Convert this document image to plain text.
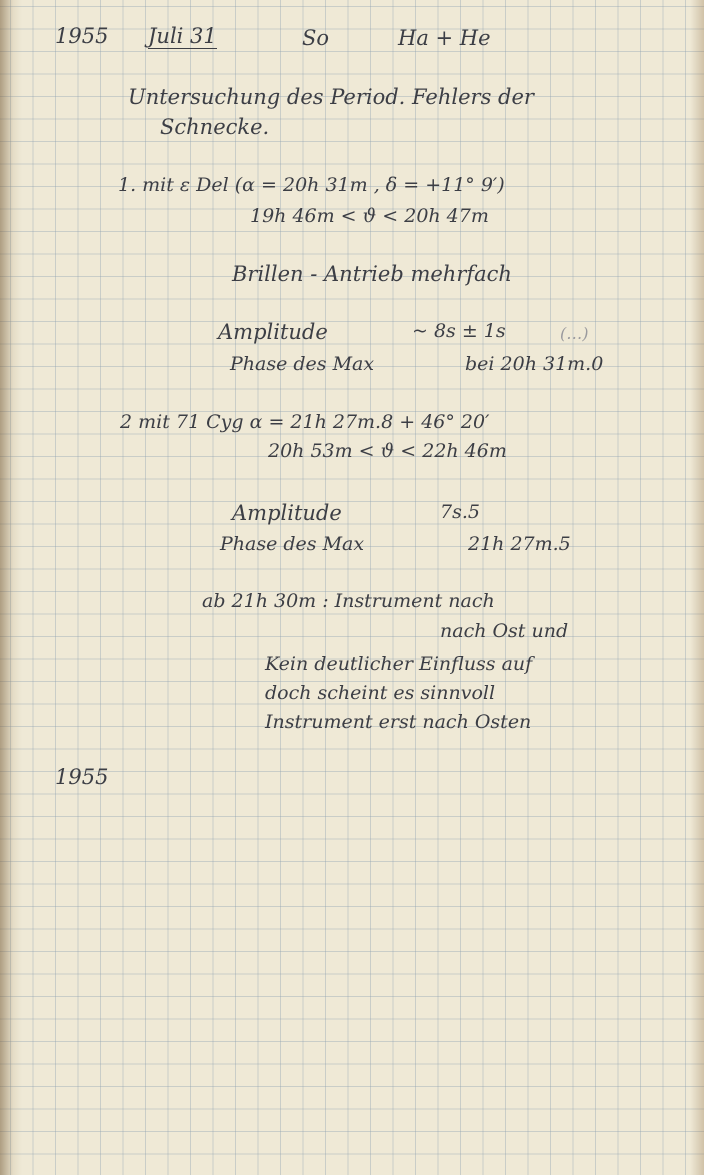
1955 Juli 31	So	Ha + He

Untersuchung des Period. Fehlers der

Schnecke.

1. mit ε Del (α = 20h 31m , δ = +11° 9′)

19h 46m < ϑ < 20h 47m

Brillen - Antrieb mehrfach

Amplitude	~ 8s ± 1s	(…)

Phase des Max	bei 20h 31m.0

2 mit 71 Cyg α = 21h 27m.8 + 46° 20′

20h 53m < ϑ < 22h 46m

Amplitude	7s.5

Phase des Max	21h 27m.5

ab 21h 30m : Instrument nach

nach Ost und

Kein deutlicher Einfluss auf

doch scheint es sinnvoll

Instrument erst nach Osten

1955
